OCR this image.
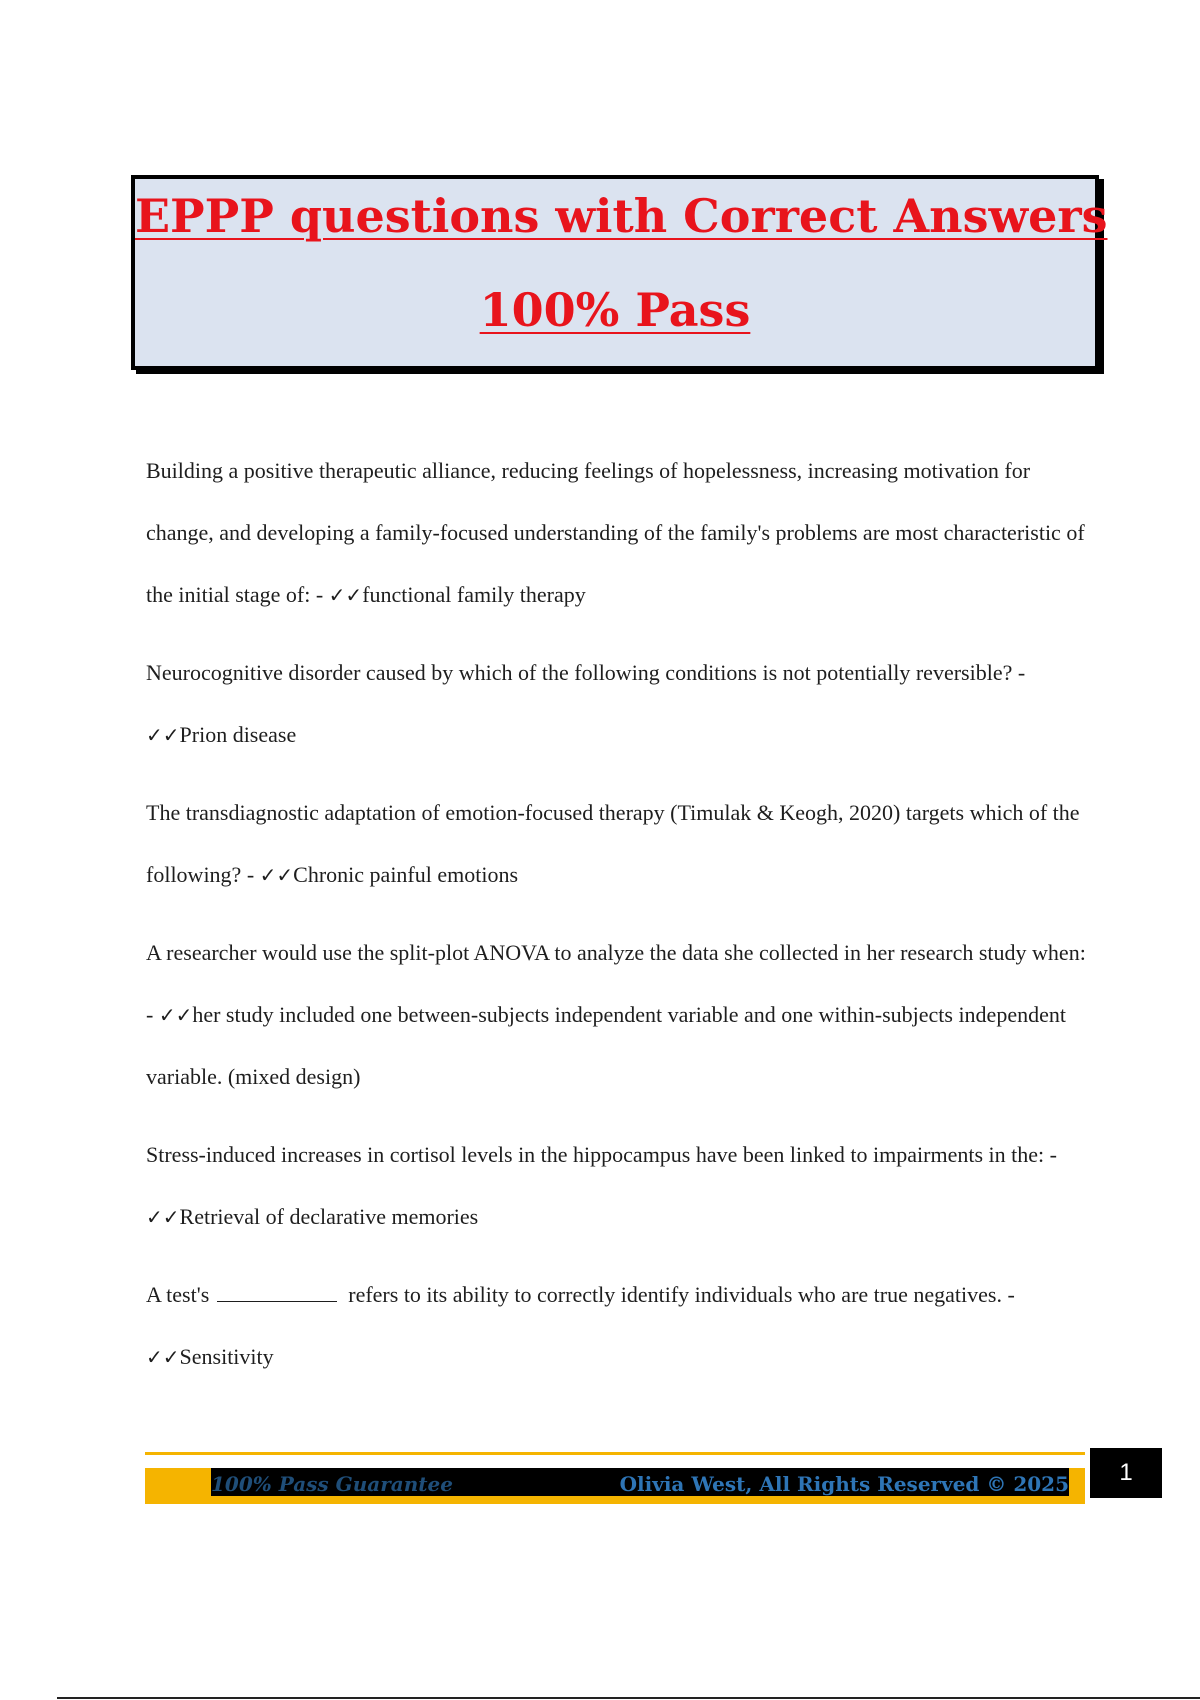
EPPP questions with Correct Answers
100% Pass

Building a positive therapeutic alliance, reducing feelings of hopelessness, increasing motivation for change, and developing a family-focused understanding of the family's problems are most characteristic of the initial stage of: - ✓✓functional family therapy

Neurocognitive disorder caused by which of the following conditions is not potentially reversible? - ✓✓Prion disease

The transdiagnostic adaptation of emotion-focused therapy (Timulak & Keogh, 2020) targets which of the following? - ✓✓Chronic painful emotions

A researcher would use the split-plot ANOVA to analyze the data she collected in her research study when: - ✓✓her study included one between-subjects independent variable and one within-subjects independent variable. (mixed design)

Stress-induced increases in cortisol levels in the hippocampus have been linked to impairments in the: - ✓✓Retrieval of declarative memories

A test's	refers to its ability to correctly identify individuals who are true negatives. - ✓✓Sensitivity

100% Pass Guarantee	Olivia West, All Rights Reserved © 2025	1
